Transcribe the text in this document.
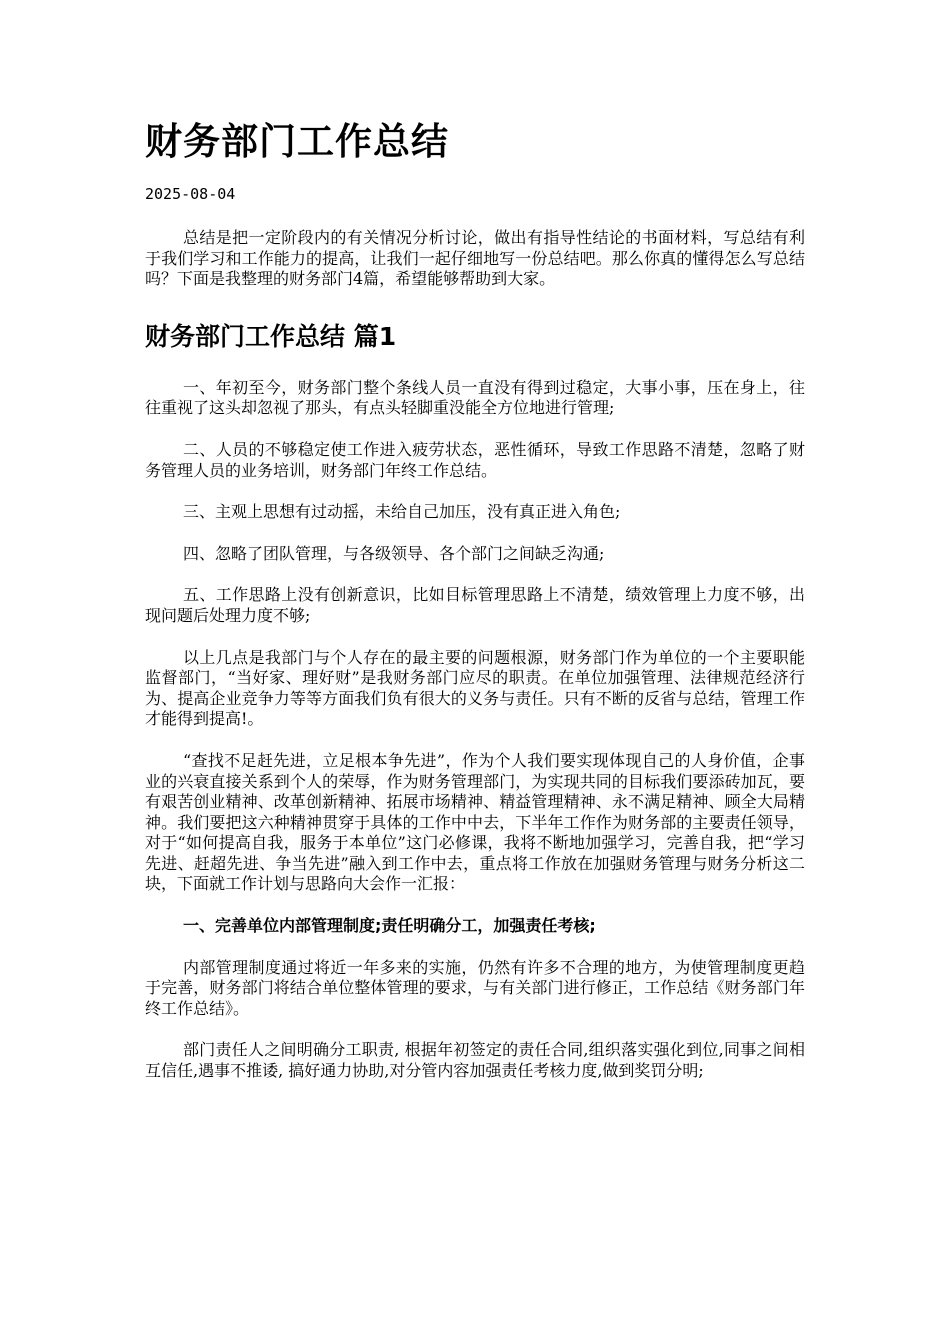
财务部门工作总结
2025-08-04

总结是把一定阶段内的有关情况分析讨论，做出有指导性结论的书面材料，写总结有利于我们学习和工作能力的提高，让我们一起仔细地写一份总结吧。那么你真的懂得怎么写总结吗？下面是我整理的财务部门4篇，希望能够帮助到大家。

财务部门工作总结 篇1

一、年初至今，财务部门整个条线人员一直没有得到过稳定，大事小事，压在身上，往往重视了这头却忽视了那头，有点头轻脚重没能全方位地进行管理;

二、人员的不够稳定使工作进入疲劳状态，恶性循环，导致工作思路不清楚，忽略了财务管理人员的业务培训，财务部门年终工作总结。

三、主观上思想有过动摇，未给自己加压，没有真正进入角色;

四、忽略了团队管理，与各级领导、各个部门之间缺乏沟通;

五、工作思路上没有创新意识，比如目标管理思路上不清楚，绩效管理上力度不够，出现问题后处理力度不够;

以上几点是我部门与个人存在的最主要的问题根源，财务部门作为单位的一个主要职能监督部门，“当好家、理好财”是我财务部门应尽的职责。在单位加强管理、法律规范经济行为、提高企业竞争力等等方面我们负有很大的义务与责任。只有不断的反省与总结，管理工作才能得到提高!。

“查找不足赶先进，立足根本争先进”，作为个人我们要实现体现自己的人身价值，企事业的兴衰直接关系到个人的荣辱，作为财务管理部门，为实现共同的目标我们要添砖加瓦，要有艰苦创业精神、改革创新精神、拓展市场精神、精益管理精神、永不满足精神、顾全大局精神。我们要把这六种精神贯穿于具体的工作中中去，下半年工作作为财务部的主要责任领导，对于“如何提高自我，服务于本单位”这门必修课，我将不断地加强学习，完善自我，把“学习先进、赶超先进、争当先进”融入到工作中去，重点将工作放在加强财务管理与财务分析这二块，下面就工作计划与思路向大会作一汇报：

一、完善单位内部管理制度;责任明确分工，加强责任考核;

内部管理制度通过将近一年多来的实施，仍然有许多不合理的地方，为使管理制度更趋于完善，财务部门将结合单位整体管理的要求，与有关部门进行修正，工作总结《财务部门年终工作总结》。

部门责任人之间明确分工职责, 根据年初签定的责任合同,组织落实强化到位,同事之间相互信任,遇事不推诿, 搞好通力协助,对分管内容加强责任考核力度,做到奖罚分明;
